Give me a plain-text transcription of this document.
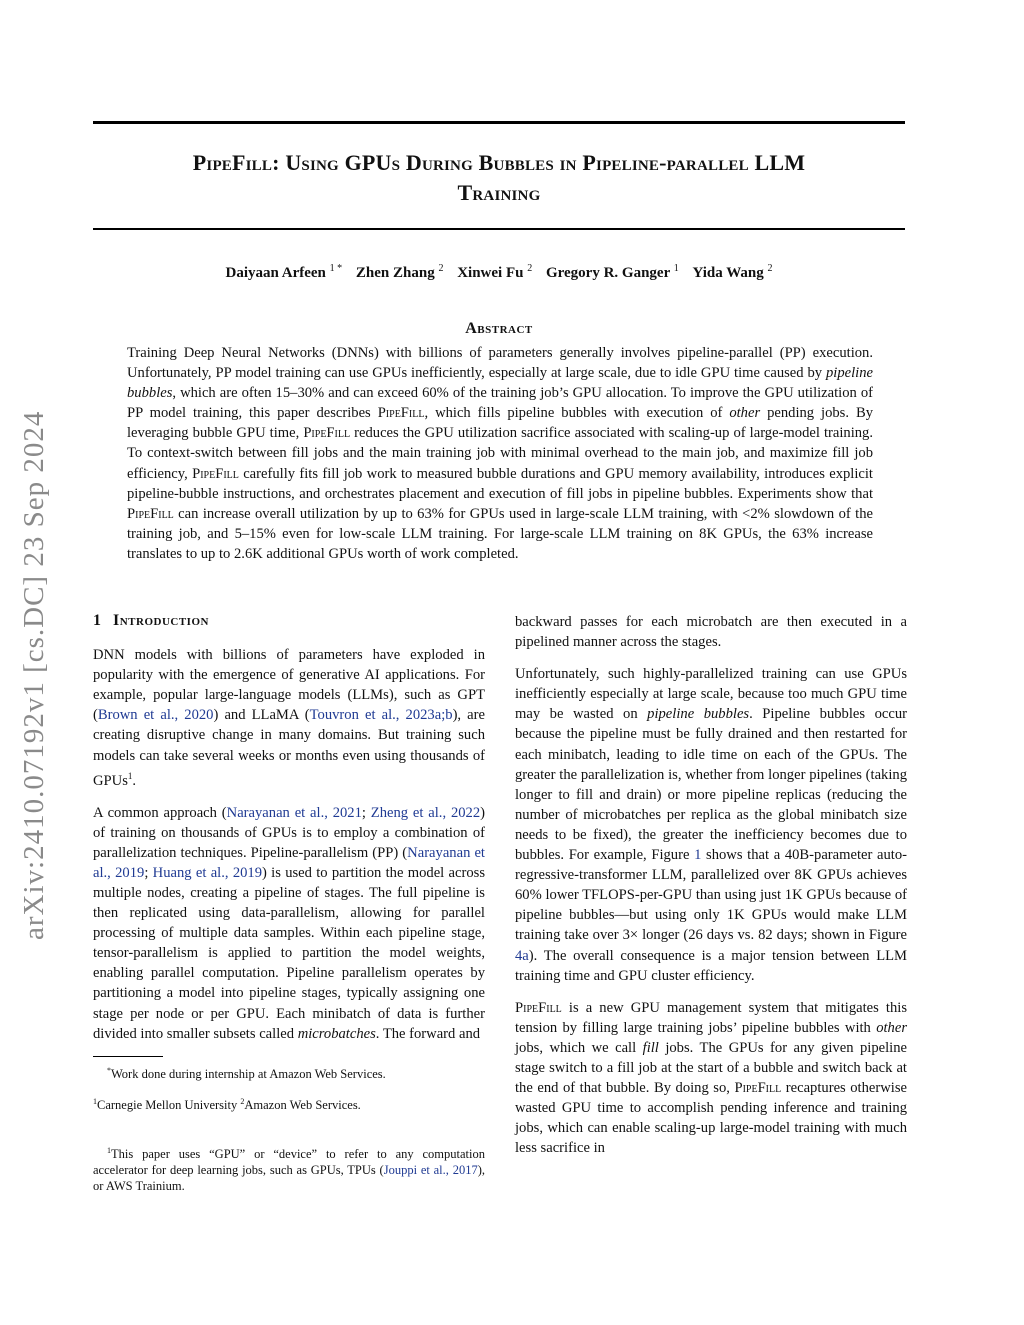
arXiv:2410.07192v1 [cs.DC] 23 Sep 2024
PipeFill: Using GPUs During Bubbles in Pipeline-parallel LLM
Training
Daiyaan Arfeen $^{1 *}$ Zhen Zhang $^2$ Xinwei Fu $^2$ Gregory R. Ganger $^1$ Yida Wang $^2$
Abstract
Training Deep Neural Networks (DNNs) with billions of parameters generally involves pipeline-parallel (PP) execution. Unfortunately, PP model training can use GPUs inefficiently, especially at large scale, due to idle GPU time caused by pipeline bubbles, which are often 15–30% and can exceed 60% of the training job’s GPU allocation. To improve the GPU utilization of PP model training, this paper describes PipeFill, which fills pipeline bubbles with execution of other pending jobs. By leveraging bubble GPU time, PipeFill reduces the GPU utilization sacrifice associated with scaling-up of large-model training. To context-switch between fill jobs and the main training job with minimal overhead to the main job, and maximize fill job efficiency, PipeFill carefully fits fill job work to measured bubble durations and GPU memory availability, introduces explicit pipeline-bubble instructions, and orchestrates placement and execution of fill jobs in pipeline bubbles. Experiments show that PipeFill can increase overall utilization by up to 63% for GPUs used in large-scale LLM training, with <2% slowdown of the training job, and 5–15% even for low-scale LLM training. For large-scale LLM training on 8K GPUs, the 63% increase translates to up to 2.6K additional GPUs worth of work completed.
1 Introduction

DNN models with billions of parameters have exploded in popularity with the emergence of generative AI applications. For example, popular large-language models (LLMs), such as GPT (Brown et al., 2020) and LLaMA (Touvron et al., 2023a;b), are creating disruptive change in many domains. But training such models can take several weeks or months even using thousands of GPUs$^1$.

A common approach (Narayanan et al., 2021; Zheng et al., 2022) of training on thousands of GPUs is to employ a combination of parallelization techniques. Pipeline-parallelism (PP) (Narayanan et al., 2019; Huang et al., 2019) is used to partition the model across multiple nodes, creating a pipeline of stages. The full pipeline is then replicated using data-parallelism, allowing for parallel processing of multiple data samples. Within each pipeline stage, tensor-parallelism is applied to partition the model weights, enabling parallel computation. Pipeline parallelism operates by partitioning a model into pipeline stages, typically assigning one stage per node or per GPU. Each minibatch of data is further divided into smaller subsets called microbatches. The forward and

*Work done during internship at Amazon Web Services.

$^1$Carnegie Mellon University $^2$Amazon Web Services.

$^1$This paper uses “GPU” or “device” to refer to any computation accelerator for deep learning jobs, such as GPUs, TPUs (Jouppi et al., 2017), or AWS Trainium.

backward passes for each microbatch are then executed in a pipelined manner across the stages.

Unfortunately, such highly-parallelized training can use GPUs inefficiently especially at large scale, because too much GPU time may be wasted on pipeline bubbles. Pipeline bubbles occur because the pipeline must be fully drained and then restarted for each minibatch, leading to idle time on each of the GPUs. The greater the parallelization is, whether from longer pipelines (taking longer to fill and drain) or more pipeline replicas (reducing the number of microbatches per replica as the global minibatch size needs to be fixed), the greater the inefficiency becomes due to bubbles. For example, Figure 1 shows that a 40B-parameter auto-regressive-transformer LLM, parallelized over 8K GPUs achieves 60% lower TFLOPS-per-GPU than using just 1K GPUs because of pipeline bubbles—but using only 1K GPUs would make LLM training take over 3× longer (26 days vs. 82 days; shown in Figure 4a). The overall consequence is a major tension between LLM training time and GPU cluster efficiency.

PipeFill is a new GPU management system that mitigates this tension by filling large training jobs’ pipeline bubbles with other jobs, which we call fill jobs. The GPUs for any given pipeline stage switch to a fill job at the start of a bubble and switch back at the end of that bubble. By doing so, PipeFill recaptures otherwise wasted GPU time to accomplish pending inference and training jobs, which can enable scaling-up large-model training with much less sacrifice in
